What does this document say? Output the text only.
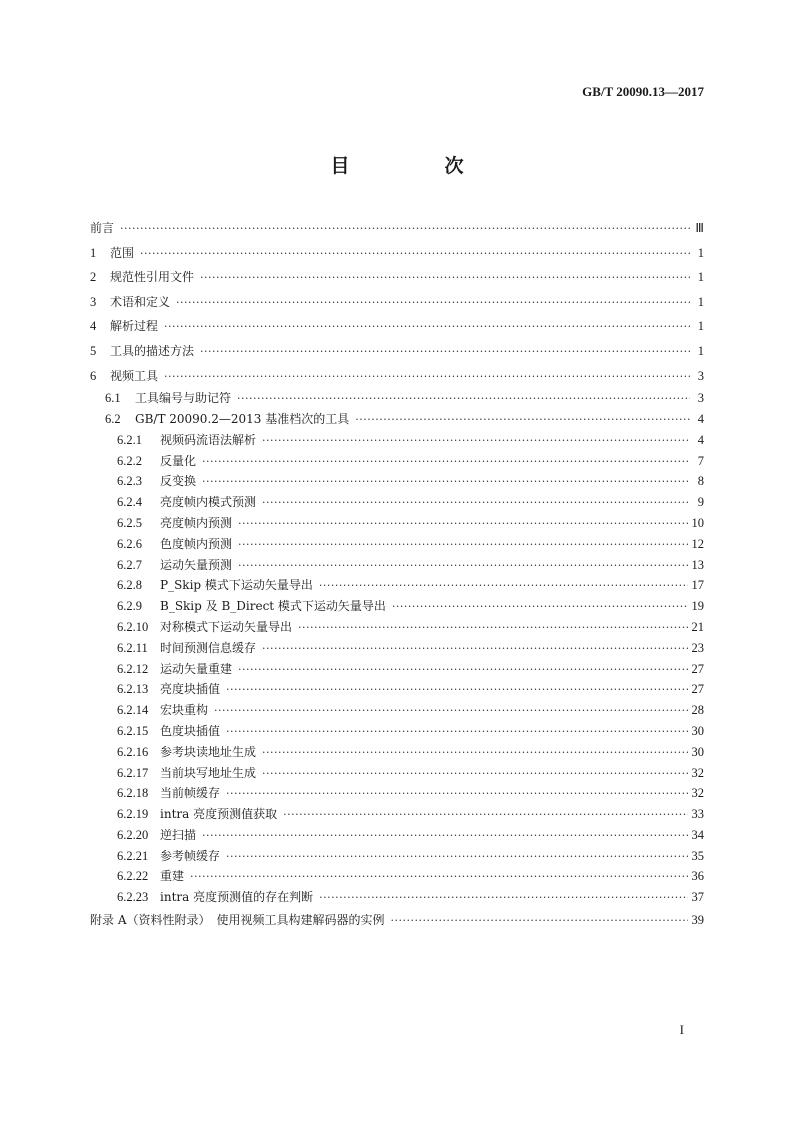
GB/T 20090.13—2017
目　次
前言 ·····	Ⅲ
1	范围 ·····	1
2	规范性引用文件 ·····	1
3	术语和定义 ·····	1
4	解析过程 ·····	1
5	工具的描述方法 ·····	1
6	视频工具 ·····	3
6.1	工具编号与助记符 ·····	3
6.2	GB/T 20090.2—2013 基准档次的工具 ·····	4
6.2.1	视频码流语法解析 ·····	4
6.2.2	反量化 ·····	7
6.2.3	反变换 ·····	8
6.2.4	亮度帧内模式预测 ·····	9
6.2.5	亮度帧内预测 ·····	10
6.2.6	色度帧内预测 ·····	12
6.2.7	运动矢量预测 ·····	13
6.2.8	P_Skip 模式下运动矢量导出 ·····	17
6.2.9	B_Skip 及 B_Direct 模式下运动矢量导出 ·····	19
6.2.10 对称模式下运动矢量导出 ·····	21
6.2.11	时间预测信息缓存 ·····	23
6.2.12 运动矢量重建 ·····	27
6.2.13 亮度块插值 ·····	27
6.2.14 宏块重构 ·····	28
6.2.15 色度块插值 ·····	30
6.2.16 参考块读地址生成 ·····	30
6.2.17 当前块写地址生成 ·····	32
6.2.18 当前帧缓存 ·····	32
6.2.19 intra 亮度预测值获取 ·····	33
6.2.20 逆扫描 ·····	34
6.2.21 参考帧缓存 ·····	35
6.2.22 重建 ·····	36
6.2.23 intra 亮度预测值的存在判断 ·····	37
附录 A（资料性附录）　使用视频工具构建解码器的实例 ·····	39
I
